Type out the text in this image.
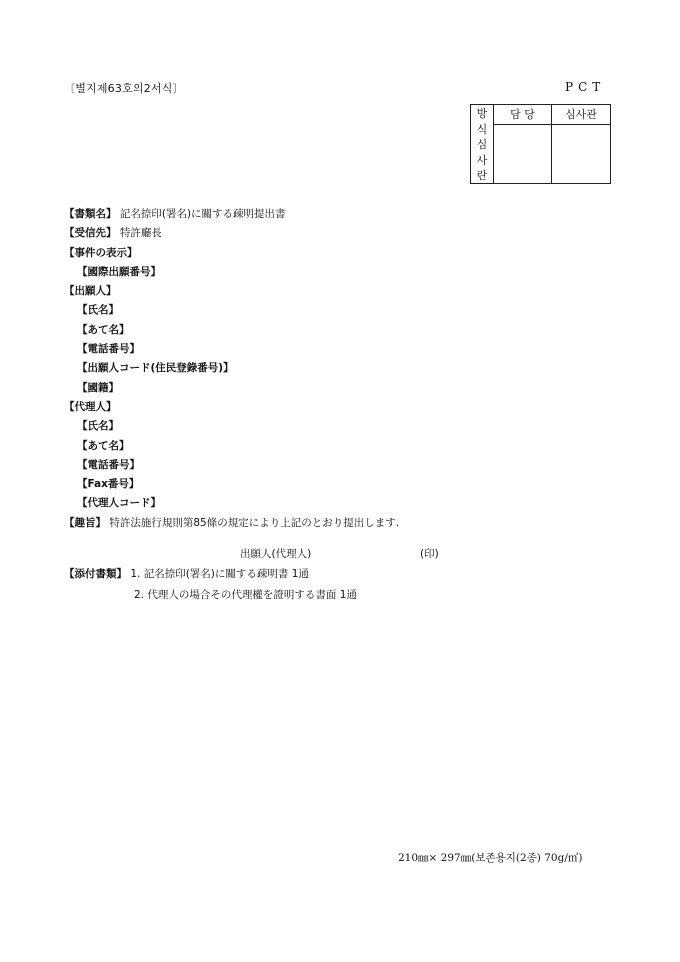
〔별지제63호의2서식〕	PCT
방
식
심
사
란	담 당	심사관

【書類名】 記名捺印(署名)に關する疎明提出書
【受信先】 特許廳長
【事件の表示】
【國際出願番号】
【出願人】
【氏名】
【あて名】
【電話番号】
【出願人コード(住民登錄番号)】
【國籍】
【代理人】
【氏名】
【あて名】
【電話番号】
【Fax番号】
【代理人コード】
【趣旨】 特許法施行規則第85條の規定により上記のとおり提出します.
出願人(代理人)	(印)
【添付書類】 1. 記名捺印(署名)に關する疎明書 1通
2. 代理人の場合その代理權を證明する書面 1通
210㎜× 297㎜(보존용지(2종) 70g/㎡)
